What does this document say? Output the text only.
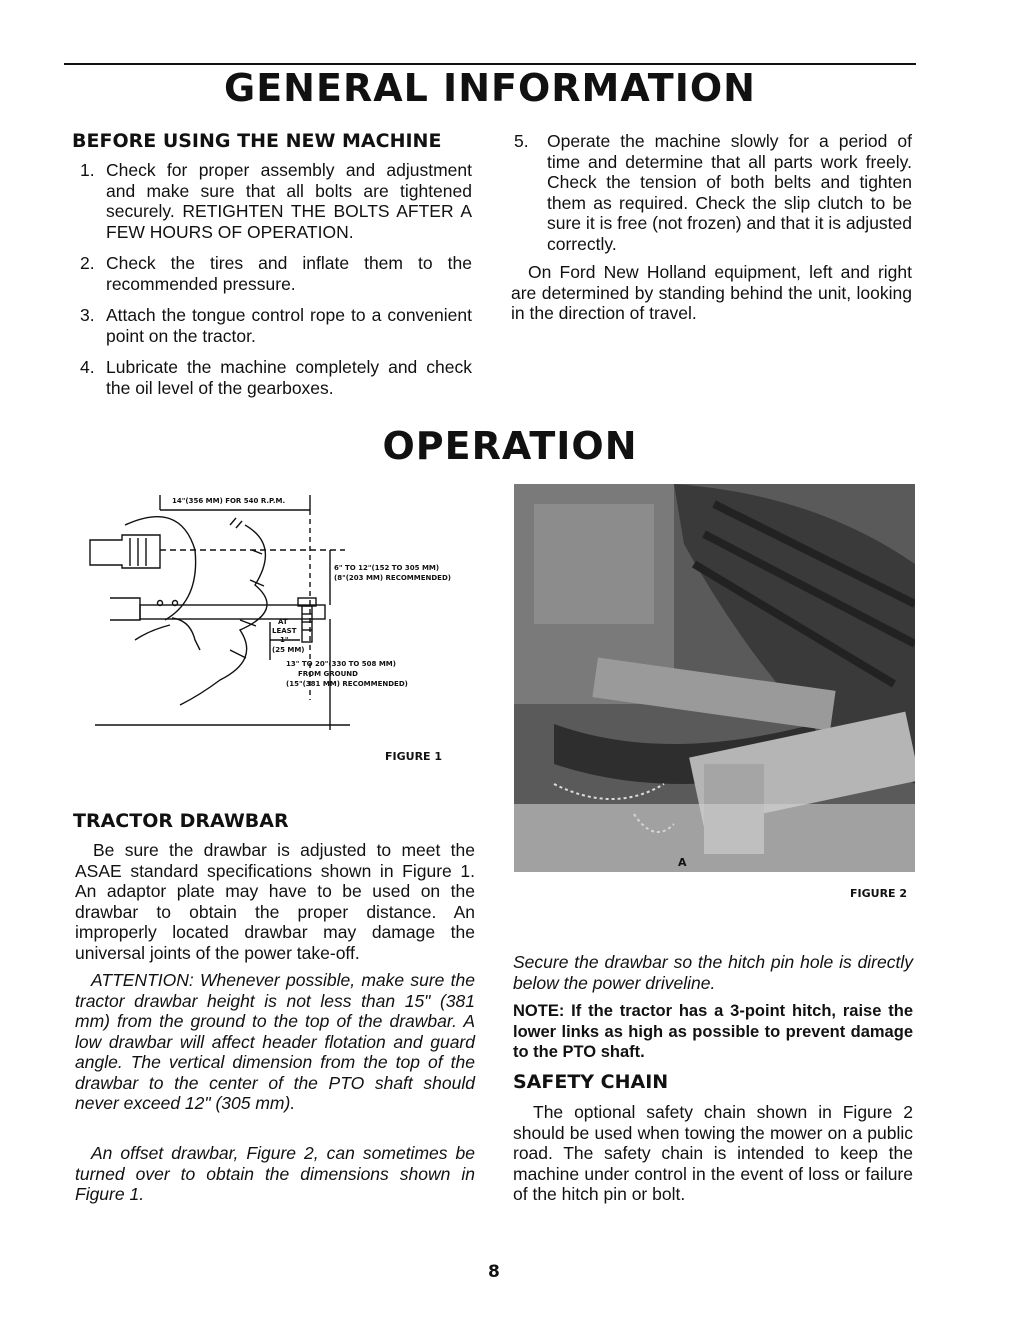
GENERAL INFORMATION
BEFORE USING THE NEW MACHINE
1. Check for proper assembly and adjustment and make sure that all bolts are tightened securely. RETIGHTEN THE BOLTS AFTER A FEW HOURS OF OPERATION.
2. Check the tires and inflate them to the recommended pressure.
3. Attach the tongue control rope to a convenient point on the tractor.
4. Lubricate the machine completely and check the oil level of the gearboxes.
5. Operate the machine slowly for a period of time and determine that all parts work freely. Check the tension of both belts and tighten them as required. Check the slip clutch to be sure it is free (not frozen) and that it is adjusted correctly.

On Ford New Holland equipment, left and right are determined by standing behind the unit, looking in the direction of travel.

OPERATION
14"(356 MM) FOR 540 R.P.M.
6" TO 12"(152 TO 305 MM)
(8"(203 MM) RECOMMENDED)
AT
LEAST
1"
(25 MM)
13" TO 20"(330 TO 508 MM)
FROM GROUND
(15"(381 MM) RECOMMENDED)
FIGURE 1
A
FIGURE 2
TRACTOR DRAWBAR

Be sure the drawbar is adjusted to meet the ASAE standard specifications shown in Figure 1. An adaptor plate may have to be used on the drawbar to obtain the proper distance. An improperly located drawbar may damage the universal joints of the power take-off.

ATTENTION: Whenever possible, make sure the tractor drawbar height is not less than 15" (381 mm) from the ground to the top of the drawbar. A low drawbar will affect header flotation and guard angle. The vertical dimension from the top of the drawbar to the center of the PTO shaft should never exceed 12" (305 mm).

An offset drawbar, Figure 2, can sometimes be turned over to obtain the dimensions shown in Figure 1.

Secure the drawbar so the hitch pin hole is directly below the power driveline.

NOTE: If the tractor has a 3-point hitch, raise the lower links as high as possible to prevent damage to the PTO shaft.

SAFETY CHAIN

The optional safety chain shown in Figure 2 should be used when towing the mower on a public road. The safety chain is intended to keep the machine under control in the event of loss or failure of the hitch pin or bolt.

8
